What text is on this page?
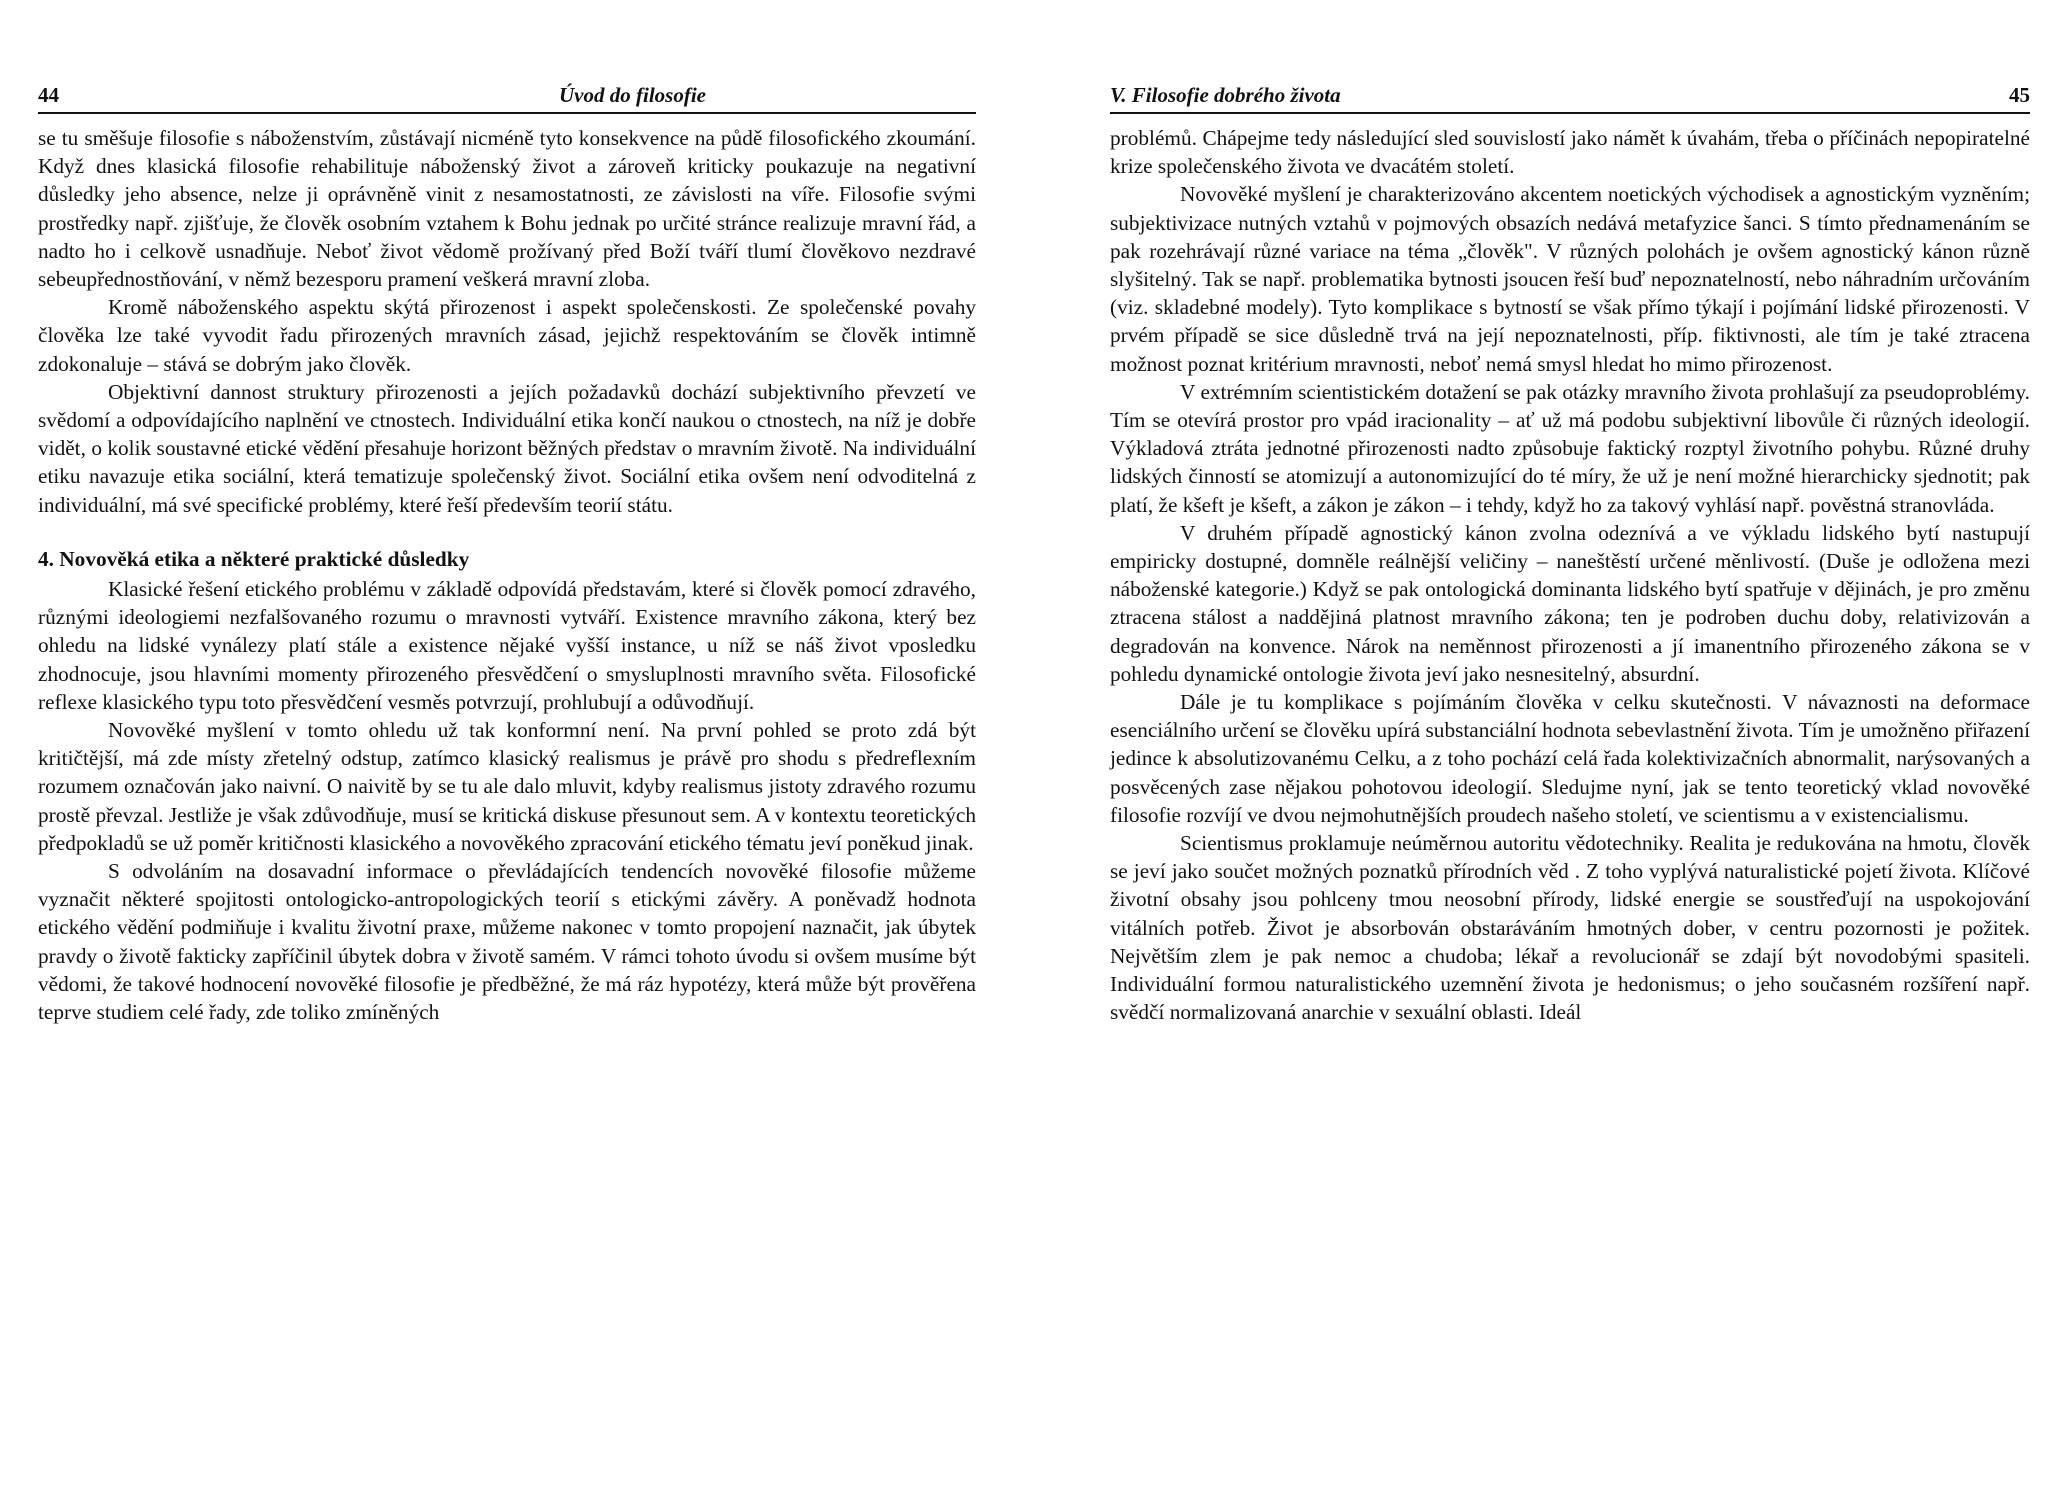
44	Úvod do filosofie

se tu směšuje filosofie s náboženstvím, zůstávají nicméně tyto konsekvence na půdě filosofického zkoumání. Když dnes klasická filosofie rehabilituje náboženský život a zároveň kriticky poukazuje na negativní důsledky jeho absence, nelze ji oprávněně vinit z nesamostatnosti, ze závislosti na víře. Filosofie svými prostředky např. zjišťuje, že člověk osobním vztahem k Bohu jednak po určité stránce realizuje mravní řád, a nadto ho i celkově usnadňuje. Neboť život vědomě prožívaný před Boží tváří tlumí člověkovo nezdravé sebeupřednostňování, v němž bezesporu pramení veškerá mravní zloba.

Kromě náboženského aspektu skýtá přirozenost i aspekt společenskosti. Ze společenské povahy člověka lze také vyvodit řadu přirozených mravních zásad, jejichž respektováním se člověk intimně zdokonaluje – stává se dobrým jako člověk.

Objektivní dannost struktury přirozenosti a jejích požadavků dochází subjektivního převzetí ve svědomí a odpovídajícího naplnění ve ctnostech. Individuální etika končí naukou o ctnostech, na níž je dobře vidět, o kolik soustavné etické vědění přesahuje horizont běžných představ o mravním životě. Na individuální etiku navazuje etika sociální, která tematizuje společenský život. Sociální etika ovšem není odvoditelná z individuální, má své specifické problémy, které řeší především teorií státu.

4. Novověká etika a některé praktické důsledky

Klasické řešení etického problému v základě odpovídá představám, které si člověk pomocí zdravého, různými ideologiemi nezfalšovaného rozumu o mravnosti vytváří. Existence mravního zákona, který bez ohledu na lidské vynálezy platí stále a existence nějaké vyšší instance, u níž se náš život vposledku zhodnocuje, jsou hlavními momenty přirozeného přesvědčení o smysluplnosti mravního světa. Filosofické reflexe klasického typu toto přesvědčení vesměs potvrzují, prohlubují a odůvodňují.

Novověké myšlení v tomto ohledu už tak konformní není. Na první pohled se proto zdá být kritičtější, má zde místy zřetelný odstup, zatímco klasický realismus je právě pro shodu s předreflexním rozumem označován jako naivní. O naivitě by se tu ale dalo mluvit, kdyby realismus jistoty zdravého rozumu prostě převzal. Jestliže je však zdůvodňuje, musí se kritická diskuse přesunout sem. A v kontextu teoretických předpokladů se už poměr kritičnosti klasického a novověkého zpracování etického tématu jeví poněkud jinak.

S odvoláním na dosavadní informace o převládajících tendencích novověké filosofie můžeme vyznačit některé spojitosti ontologicko-antropologických teorií s etickými závěry. A poněvadž hodnota etického vědění podmiňuje i kvalitu životní praxe, můžeme nakonec v tomto propojení naznačit, jak úbytek pravdy o životě fakticky zapříčinil úbytek dobra v životě samém. V rámci tohoto úvodu si ovšem musíme být vědomi, že takové hodnocení novověké filosofie je předběžné, že má ráz hypotézy, která může být prověřena teprve studiem celé řady, zde toliko zmíněných

V. Filosofie dobrého života	45

problémů. Chápejme tedy následující sled souvislostí jako námět k úvahám, třeba o příčinách nepopiratelné krize společenského života ve dvacátém století.

Novověké myšlení je charakterizováno akcentem noetických východisek a agnostickým vyzněním; subjektivizace nutných vztahů v pojmových obsazích nedává metafyzice šanci. S tímto přednamenáním se pak rozehrávají různé variace na téma „člověk". V různých polohách je ovšem agnostický kánon různě slyšitelný. Tak se např. problematika bytnosti jsoucen řeší buď nepoznatelností, nebo náhradním určováním (viz. skladebné modely). Tyto komplikace s bytností se však přímo týkají i pojímání lidské přirozenosti. V prvém případě se sice důsledně trvá na její nepoznatelnosti, příp. fiktivnosti, ale tím je také ztracena možnost poznat kritérium mravnosti, neboť nemá smysl hledat ho mimo přirozenost.

V extrémním scientistickém dotažení se pak otázky mravního života prohlašují za pseudoproblémy. Tím se otevírá prostor pro vpád iracionality – ať už má podobu subjektivní libovůle či různých ideologií. Výkladová ztráta jednotné přirozenosti nadto způsobuje faktický rozptyl životního pohybu. Různé druhy lidských činností se atomizují a autonomizující do té míry, že už je není možné hierarchicky sjednotit; pak platí, že kšeft je kšeft, a zákon je zákon – i tehdy, když ho za takový vyhlásí např. pověstná stranovláda.

V druhém případě agnostický kánon zvolna odeznívá a ve výkladu lidského bytí nastupují empiricky dostupné, domněle reálnější veličiny – naneštěstí určené měnlivostí. (Duše je odložena mezi náboženské kategorie.) Když se pak ontologická dominanta lidského bytí spatřuje v dějinách, je pro změnu ztracena stálost a naddějiná platnost mravního zákona; ten je podroben duchu doby, relativizován a degradován na konvence. Nárok na neměnnost přirozenosti a jí imanentního přirozeného zákona se v pohledu dynamické ontologie života jeví jako nesnesitelný, absurdní.

Dále je tu komplikace s pojímáním člověka v celku skutečnosti. V návaznosti na deformace esenciálního určení se člověku upírá substanciální hodnota sebevlastnění života. Tím je umožněno přiřazení jedince k absolutizovanému Celku, a z toho pochází celá řada kolektivizačních abnormalit, narýsovaných a posvěcených zase nějakou pohotovou ideologií. Sledujme nyní, jak se tento teoretický vklad novověké filosofie rozvíjí ve dvou nejmohutnějších proudech našeho století, ve scientismu a v existencialismu.

Scientismus proklamuje neúměrnou autoritu vědotechniky. Realita je redukována na hmotu, člověk se jeví jako součet možných poznatků přírodních věd . Z toho vyplývá naturalistické pojetí života. Klíčové životní obsahy jsou pohlceny tmou neosobní přírody, lidské energie se soustřeďují na uspokojování vitálních potřeb. Život je absorbován obstaráváním hmotných dober, v centru pozornosti je požitek. Největším zlem je pak nemoc a chudoba; lékař a revolucionář se zdají být novodobými spasiteli. Individuální formou naturalistického uzemnění života je hedonismus; o jeho současném rozšíření např. svědčí normalizovaná anarchie v sexuální oblasti. Ideál
